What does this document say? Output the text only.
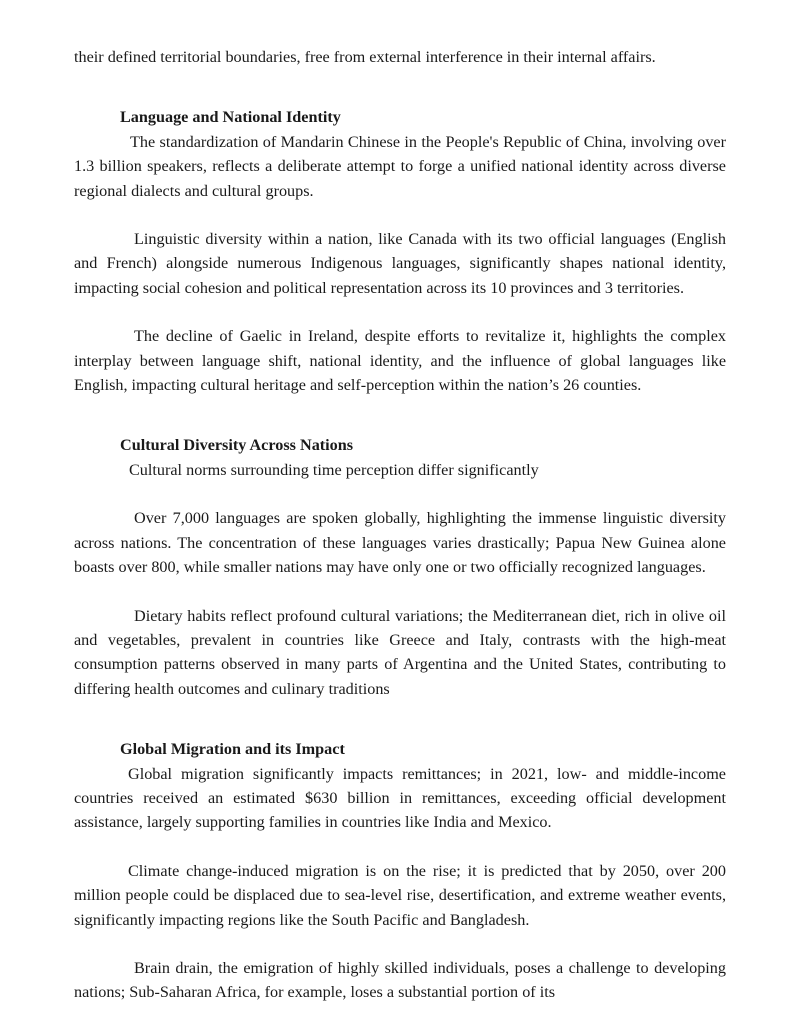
their defined territorial boundaries, free from external interference in their internal affairs.

Language and National Identity

The standardization of Mandarin Chinese in the People's Republic of China, involving over 1.3 billion speakers, reflects a deliberate attempt to forge a unified national identity across diverse regional dialects and cultural groups.

Linguistic diversity within a nation, like Canada with its two official languages (English and French) alongside numerous Indigenous languages, significantly shapes national identity, impacting social cohesion and political representation across its 10 provinces and 3 territories.

The decline of Gaelic in Ireland, despite efforts to revitalize it, highlights the complex interplay between language shift, national identity, and the influence of global languages like English, impacting cultural heritage and self-perception within the nation’s 26 counties.

Cultural Diversity Across Nations

Cultural norms surrounding time perception differ significantly

Over 7,000 languages are spoken globally, highlighting the immense linguistic diversity across nations. The concentration of these languages varies drastically; Papua New Guinea alone boasts over 800, while smaller nations may have only one or two officially recognized languages.

Dietary habits reflect profound cultural variations; the Mediterranean diet, rich in olive oil and vegetables, prevalent in countries like Greece and Italy, contrasts with the high-meat consumption patterns observed in many parts of Argentina and the United States, contributing to differing health outcomes and culinary traditions

Global Migration and its Impact

Global migration significantly impacts remittances; in 2021, low- and middle-income countries received an estimated $630 billion in remittances, exceeding official development assistance, largely supporting families in countries like India and Mexico.

Climate change-induced migration is on the rise; it is predicted that by 2050, over 200 million people could be displaced due to sea-level rise, desertification, and extreme weather events, significantly impacting regions like the South Pacific and Bangladesh.

Brain drain, the emigration of highly skilled individuals, poses a challenge to developing nations; Sub-Saharan Africa, for example, loses a substantial portion of its
